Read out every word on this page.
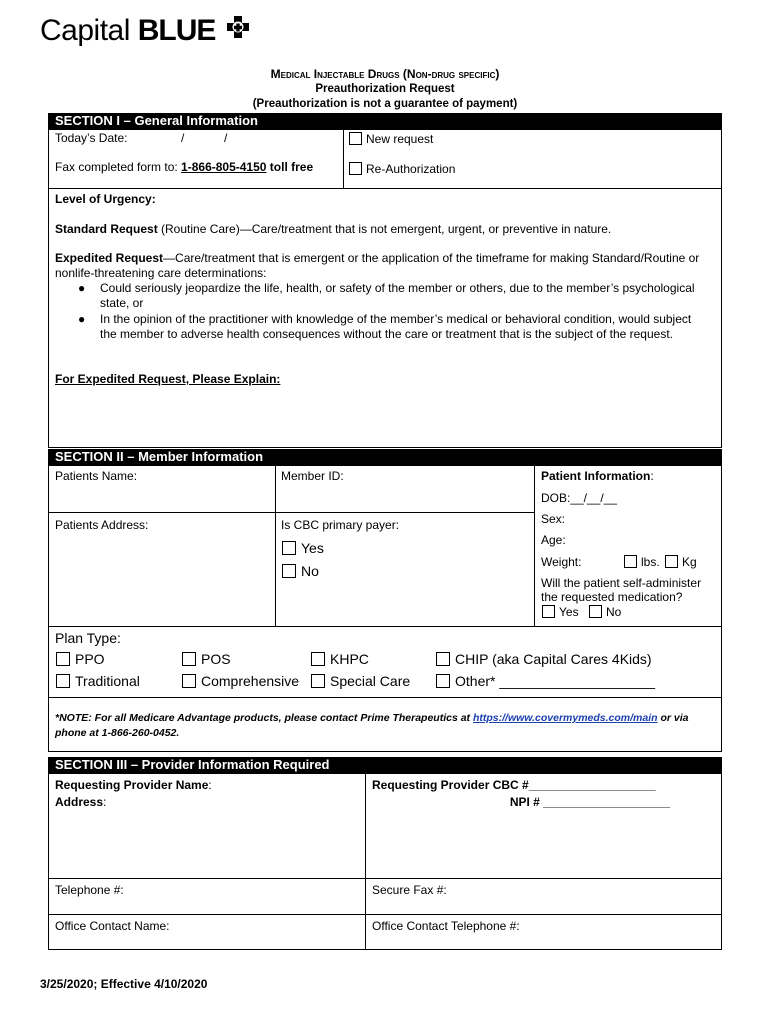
Capital BLUE
Medical Injectable Drugs (Non-drug specific)
Preauthorization Request
(Preauthorization is not a guarantee of payment)
SECTION I – General Information
Today’s Date:	/	/
Fax completed form to: 1-866-805-4150 toll free
New request
Re-Authorization
Level of Urgency:
Standard Request (Routine Care)—Care/treatment that is not emergent, urgent, or preventive in nature.
Expedited Request—Care/treatment that is emergent or the application of the timeframe for making Standard/Routine or nonlife-threatening care determinations:
● Could seriously jeopardize the life, health, or safety of the member or others, due to the member’s psychological state, or
● In the opinion of the practitioner with knowledge of the member’s medical or behavioral condition, would subject the member to adverse health consequences without the care or treatment that is the subject of the request.
For Expedited Request, Please Explain:
SECTION II – Member Information
Patients Name:	Member ID:	Patient Information:
DOB:__/__/__
Sex:
Age:
Weight:	lbs.	Kg
Will the patient self-administer the requested medication?
Yes	No
Patients Address:	Is CBC primary payer:
Yes
No
Plan Type:
PPO	POS	KHPC	CHIP (aka Capital Cares 4Kids)
Traditional	Comprehensive	Special Care	Other* ____________________
*NOTE: For all Medicare Advantage products, please contact Prime Therapeutics at https://www.covermymeds.com/main or via phone at 1-866-260-0452.
SECTION III – Provider Information Required
Requesting Provider Name:
Address:
Requesting Provider CBC #___________________
NPI # ___________________
Telephone #:	Secure Fax #:
Office Contact Name:	Office Contact Telephone #:
3/25/2020; Effective 4/10/2020
